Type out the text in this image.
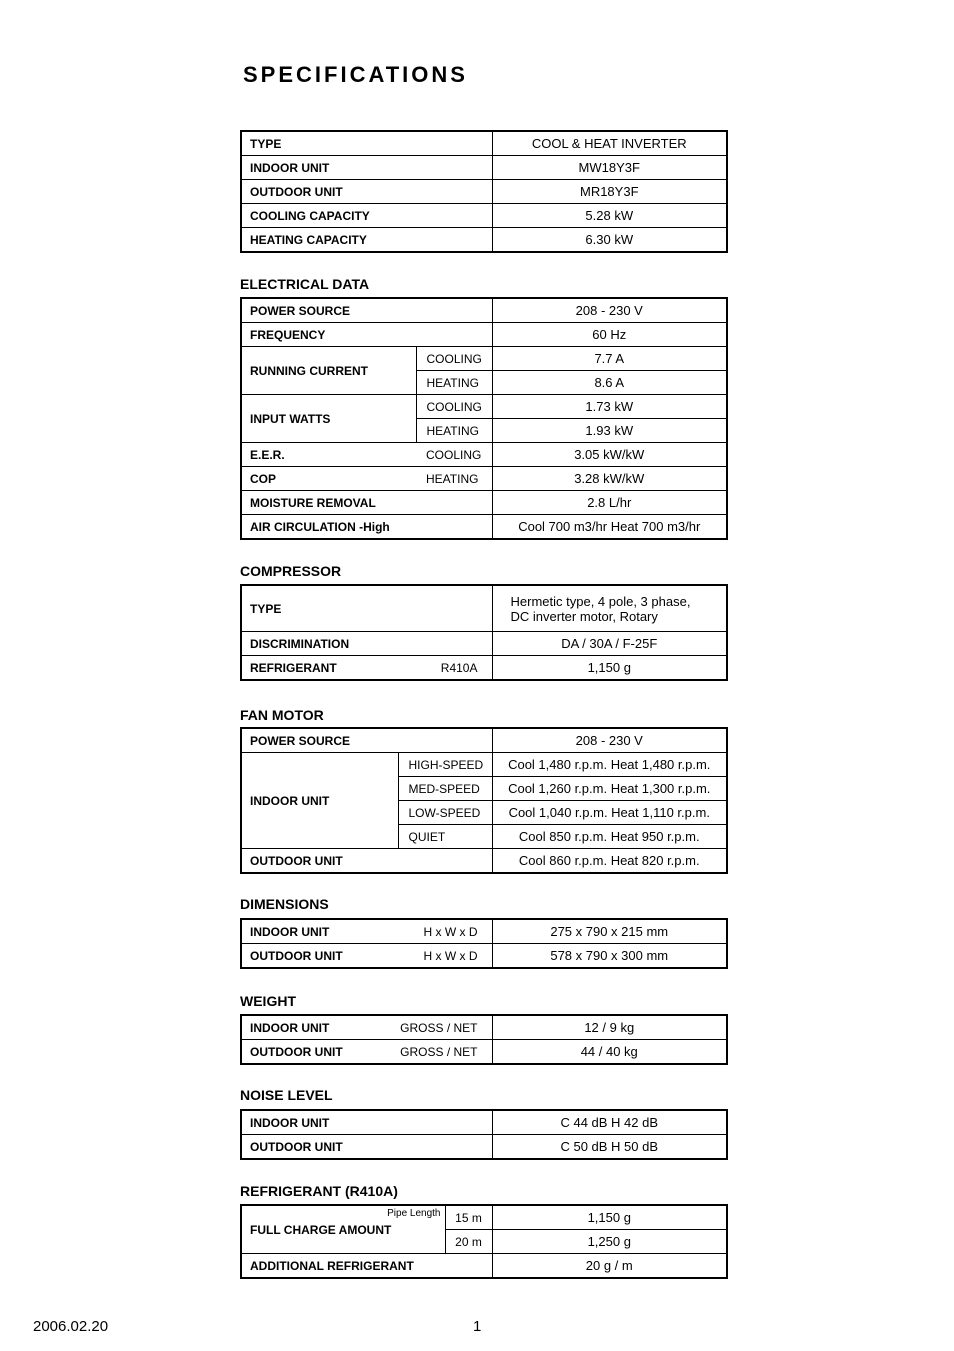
SPECIFICATIONS
TYPE	COOL & HEAT INVERTER
INDOOR UNIT	MW18Y3F
OUTDOOR UNIT	MR18Y3F
COOLING CAPACITY	5.28 kW
HEATING CAPACITY	6.30 kW
ELECTRICAL DATA
POWER SOURCE		208 - 230 V
FREQUENCY		60 Hz
RUNNING CURRENT	COOLING	7.7 A
	HEATING	8.6 A
INPUT WATTS	COOLING	1.73 kW
	HEATING	1.93 kW
E.E.R.	COOLING	3.05 kW/kW
COP	HEATING	3.28 kW/kW
MOISTURE REMOVAL		2.8 L/hr
AIR CIRCULATION -High		Cool 700 m3/hr Heat 700 m3/hr
COMPRESSOR
TYPE	Hermetic type, 4 pole, 3 phase,
DC inverter motor, Rotary

DISCRIMINATION	DA / 30A / F-25F

REFRIGERANT R410A	1,150 g
FAN MOTOR
POWER SOURCE		208 - 230 V
INDOOR UNIT	HIGH-SPEED	Cool 1,480 r.p.m. Heat 1,480 r.p.m.
	MED-SPEED	Cool 1,260 r.p.m. Heat 1,300 r.p.m.
	LOW-SPEED	Cool 1,040 r.p.m. Heat 1,110 r.p.m.
	QUIET	Cool 850 r.p.m. Heat 950 r.p.m.
OUTDOOR UNIT		Cool 860 r.p.m. Heat 820 r.p.m.
DIMENSIONS
INDOOR UNIT H x W x D	275 x 790 x 215 mm

OUTDOOR UNIT H x W x D	578 x 790 x 300 mm
WEIGHT
INDOOR UNIT GROSS / NET	12 / 9 kg

OUTDOOR UNIT GROSS / NET	44 / 40 kg
NOISE LEVEL
INDOOR UNIT	C 44 dB H 42 dB
OUTDOOR UNIT	C 50 dB H 50 dB
REFRIGERANT (R410A)
Pipe Length
FULL CHARGE AMOUNT	15 m	1,150 g
	20 m	1,250 g
ADDITIONAL REFRIGERANT		20 g / m
2006.02.20	1
